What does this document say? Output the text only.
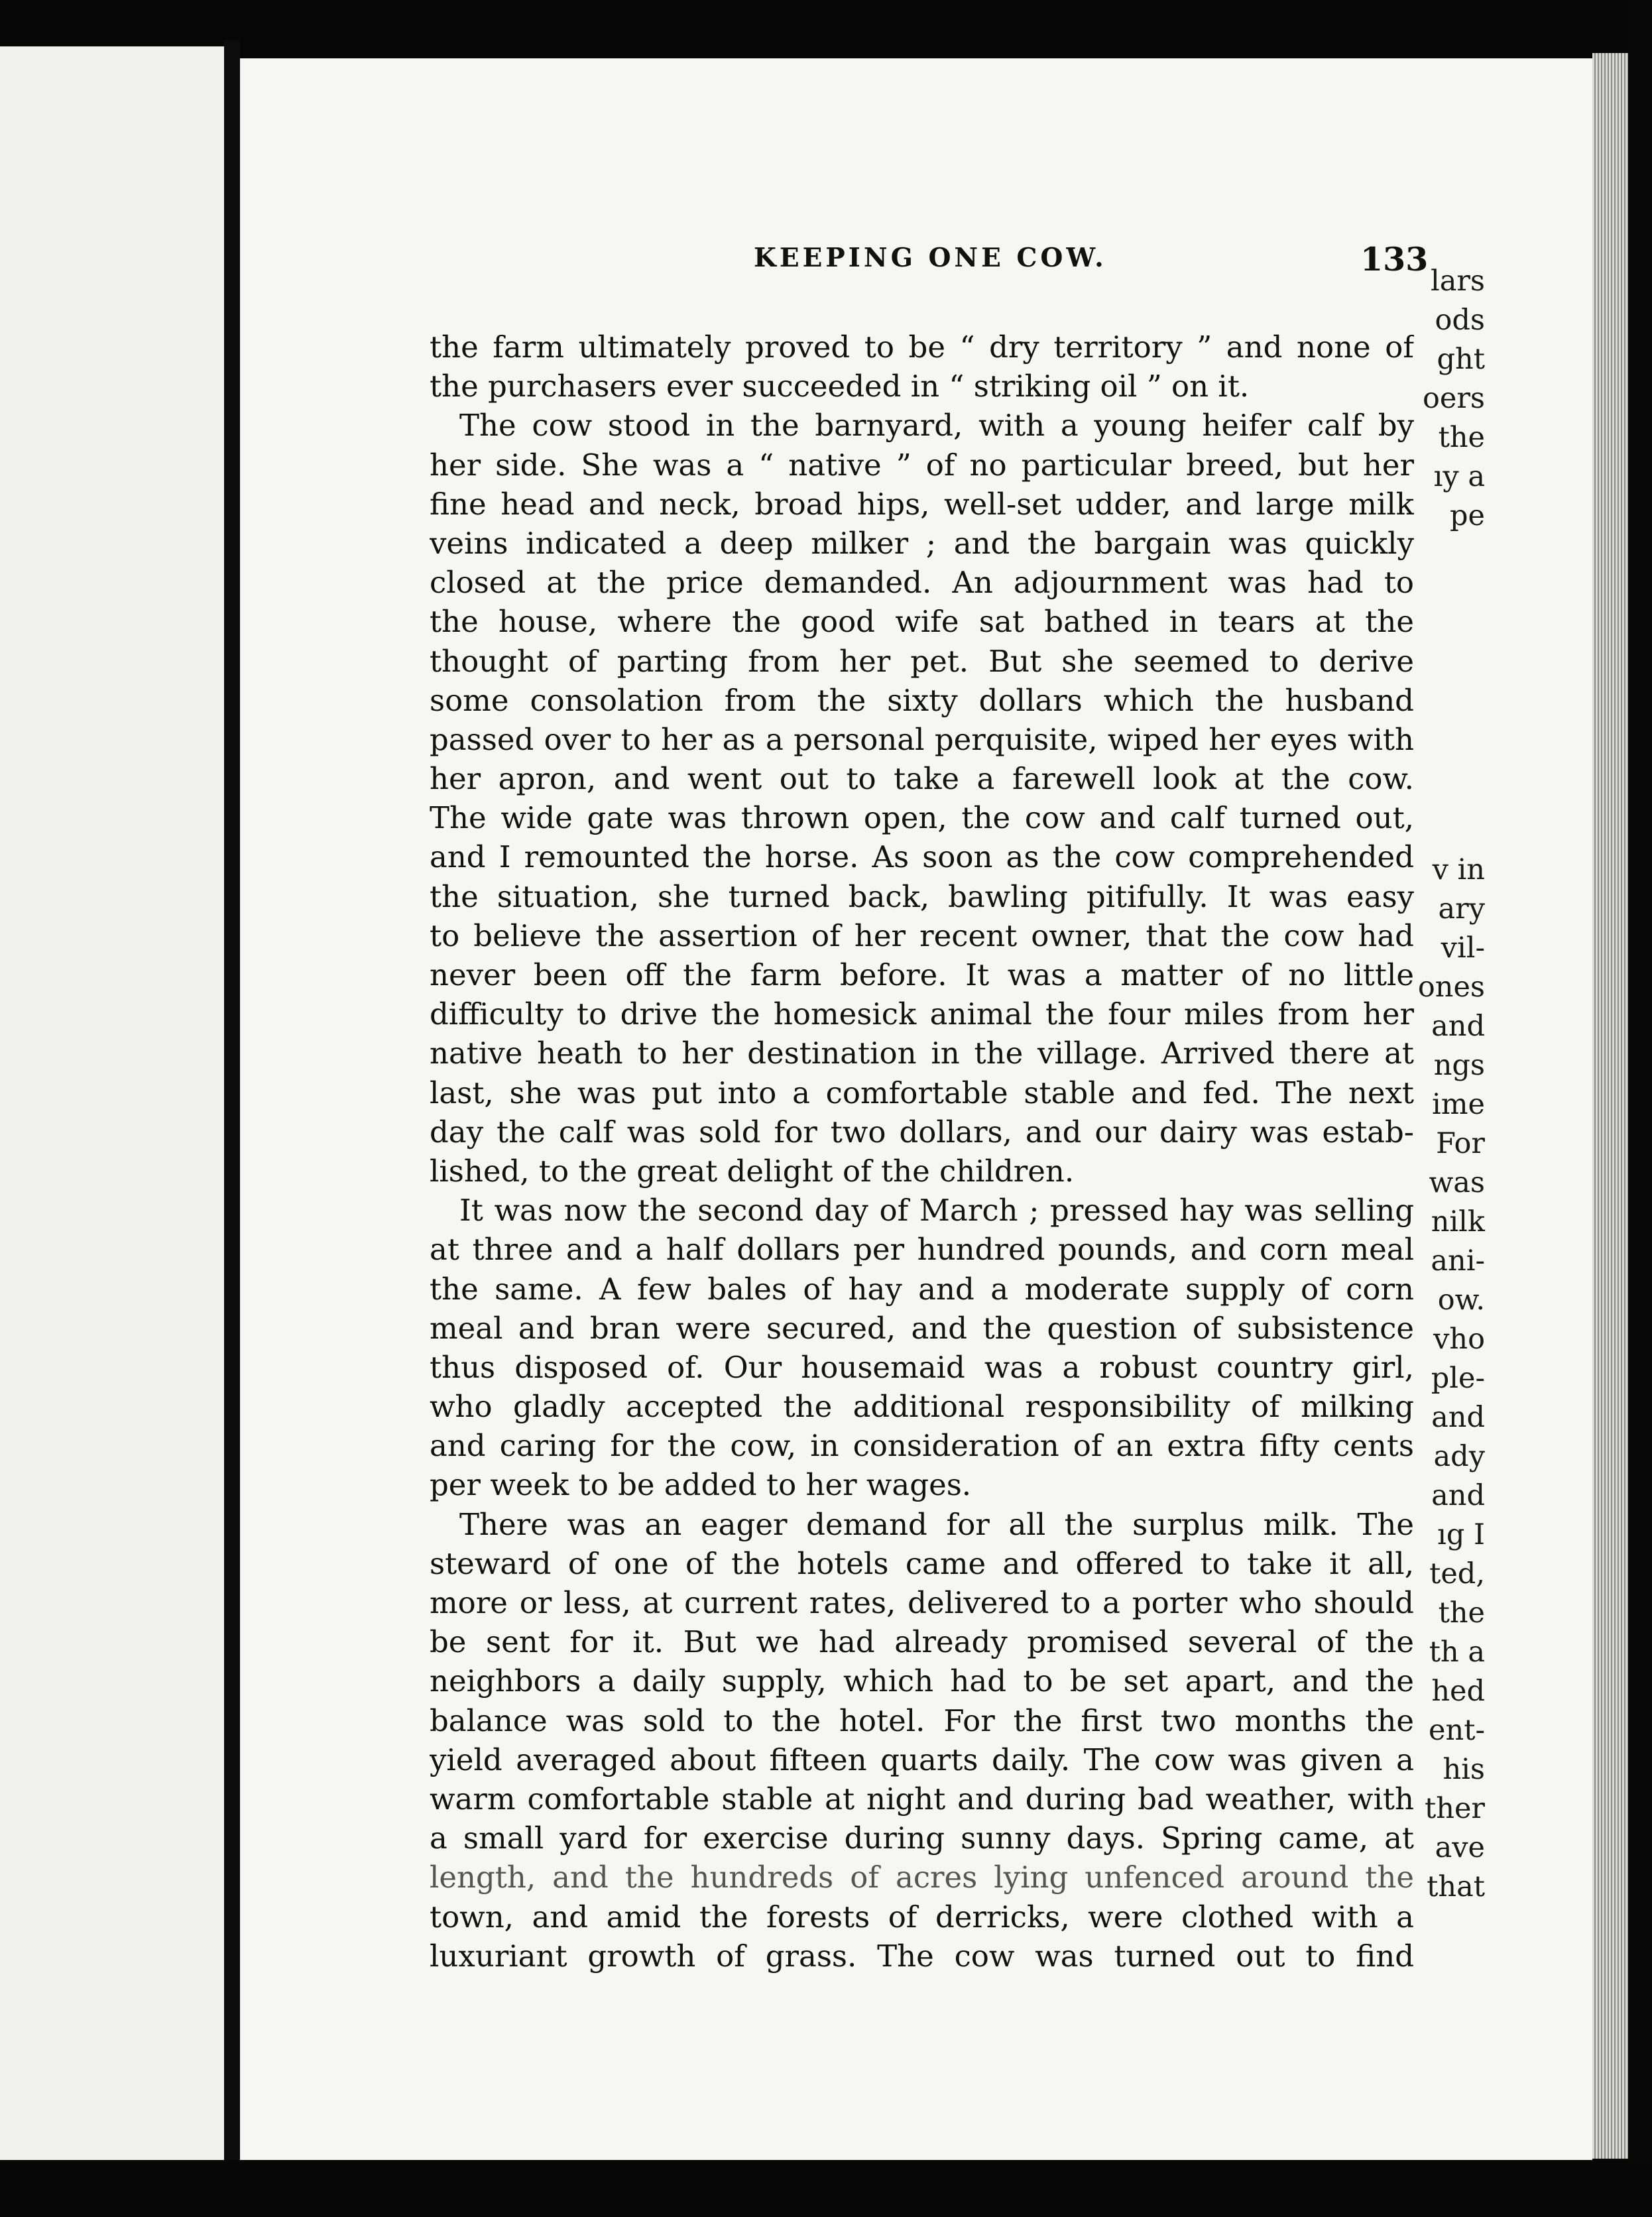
lars
ods
ght
oers
the
ıy a
pe
v in
ary
vil-
ones
and
ngs
ime
For
was
nilk
ani-
ow.
vho
ple-
and
ady
and
ıg I
ted,
the
th a
hed
ent-
his
ther
ave
that
KEEPING ONE COW.	133
the farm ultimately proved to be “ dry territory ” and none of
the purchasers ever succeeded in “ striking oil ” on it.
The cow stood in the barnyard, with a young heifer calf by
her side. She was a “ native ” of no particular breed, but her
fine head and neck, broad hips, well-set udder, and large milk
veins indicated a deep milker ; and the bargain was quickly
closed at the price demanded. An adjournment was had to
the house, where the good wife sat bathed in tears at the
thought of parting from her pet. But she seemed to derive
some consolation from the sixty dollars which the husband
passed over to her as a personal perquisite, wiped her eyes with
her apron, and went out to take a farewell look at the cow.
The wide gate was thrown open, the cow and calf turned out,
and I remounted the horse. As soon as the cow comprehended
the situation, she turned back, bawling pitifully. It was easy
to believe the assertion of her recent owner, that the cow had
never been off the farm before. It was a matter of no little
difficulty to drive the homesick animal the four miles from her
native heath to her destination in the village. Arrived there at
last, she was put into a comfortable stable and fed. The next
day the calf was sold for two dollars, and our dairy was estab-
lished, to the great delight of the children.
It was now the second day of March ; pressed hay was selling
at three and a half dollars per hundred pounds, and corn meal
the same. A few bales of hay and a moderate supply of corn
meal and bran were secured, and the question of subsistence
thus disposed of. Our housemaid was a robust country girl,
who gladly accepted the additional responsibility of milking
and caring for the cow, in consideration of an extra fifty cents
per week to be added to her wages.
There was an eager demand for all the surplus milk. The
steward of one of the hotels came and offered to take it all,
more or less, at current rates, delivered to a porter who should
be sent for it. But we had already promised several of the
neighbors a daily supply, which had to be set apart, and the
balance was sold to the hotel. For the first two months the
yield averaged about fifteen quarts daily. The cow was given a
warm comfortable stable at night and during bad weather, with
a small yard for exercise during sunny days. Spring came, at
length, and the hundreds of acres lying unfenced around the
town, and amid the forests of derricks, were clothed with a
luxuriant growth of grass. The cow was turned out to find
